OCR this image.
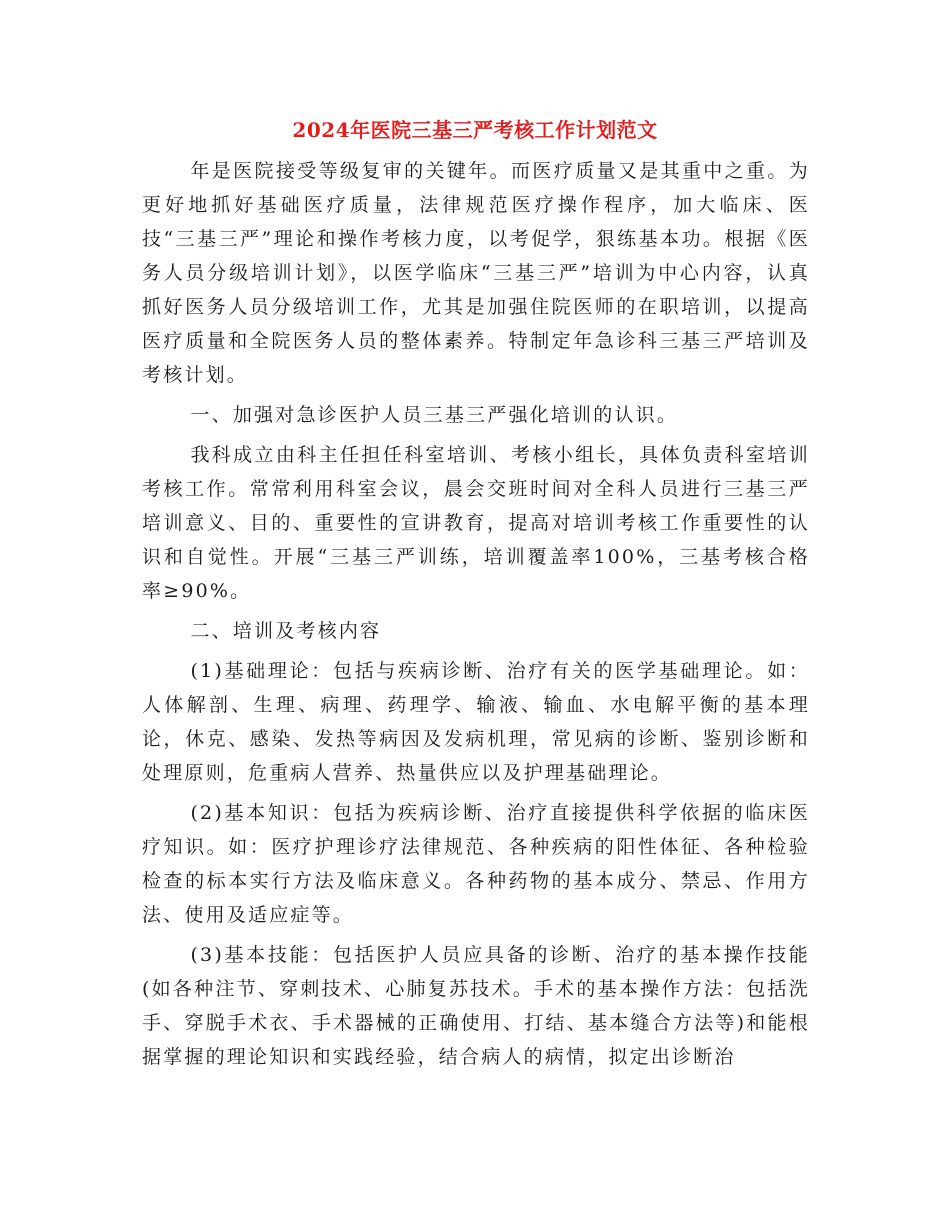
2024年医院三基三严考核工作计划范文

年是医院接受等级复审的关键年。而医疗质量又是其重中之重。为更好地抓好基础医疗质量，法律规范医疗操作程序，加大临床、医技“三基三严”理论和操作考核力度，以考促学，狠练基本功。根据《医务人员分级培训计划》，以医学临床“三基三严”培训为中心内容，认真抓好医务人员分级培训工作，尤其是加强住院医师的在职培训，以提高医疗质量和全院医务人员的整体素养。特制定年急诊科三基三严培训及考核计划。

一、加强对急诊医护人员三基三严强化培训的认识。

我科成立由科主任担任科室培训、考核小组长，具体负责科室培训考核工作。常常利用科室会议，晨会交班时间对全科人员进行三基三严培训意义、目的、重要性的宣讲教育，提高对培训考核工作重要性的认识和自觉性。开展“三基三严训练，培训覆盖率100%，三基考核合格率≥90%。

二、培训及考核内容

(1)基础理论：包括与疾病诊断、治疗有关的医学基础理论。如：人体解剖、生理、病理、药理学、输液、输血、水电解平衡的基本理论，休克、感染、发热等病因及发病机理，常见病的诊断、鉴别诊断和处理原则，危重病人营养、热量供应以及护理基础理论。

(2)基本知识：包括为疾病诊断、治疗直接提供科学依据的临床医疗知识。如：医疗护理诊疗法律规范、各种疾病的阳性体征、各种检验检查的标本实行方法及临床意义。各种药物的基本成分、禁忌、作用方法、使用及适应症等。

(3)基本技能：包括医护人员应具备的诊断、治疗的基本操作技能(如各种注节、穿刺技术、心肺复苏技术。手术的基本操作方法：包括洗手、穿脱手术衣、手术器械的正确使用、打结、基本缝合方法等)和能根据掌握的理论知识和实践经验，结合病人的病情，拟定出诊断治
